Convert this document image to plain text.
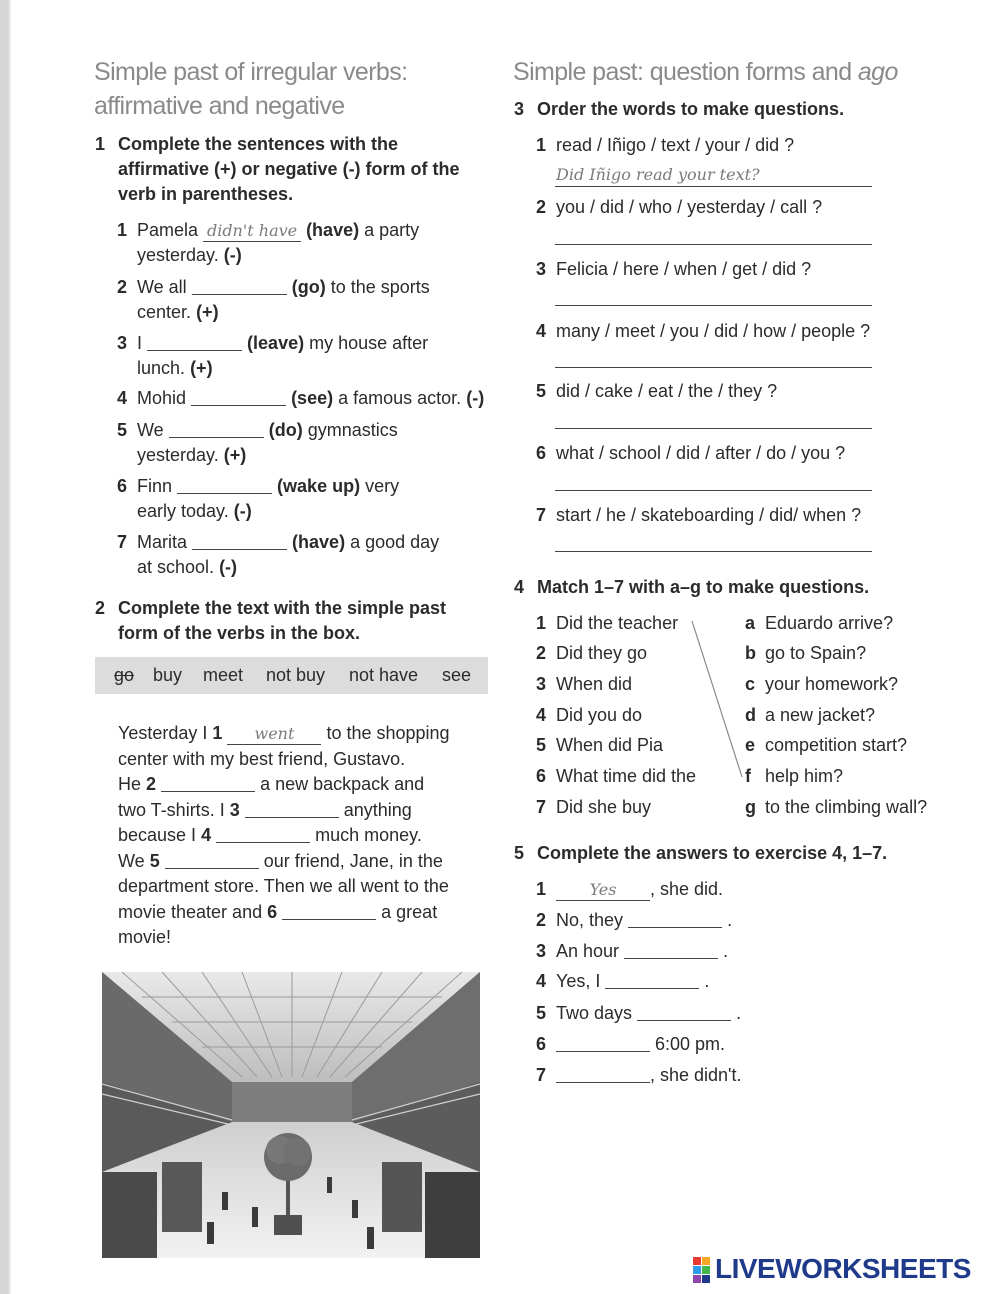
Simple past of irregular verbs:
affirmative and negative
1 Complete the sentences with the
affirmative (+) or negative (-) form of the
verb in parentheses.
1 Pamela didn't have (have) a party
yesterday. (-)
2 We all	(go) to the sports
center. (+)
3 I	(leave) my house after
lunch. (+)
4 Mohid	(see) a famous actor. (-)
5 We	(do) gymnastics
yesterday. (+)
6 Finn	(wake up) very
early today. (-)
7 Marita	(have) a good day
at school. (-)
2 Complete the text with the simple past
form of the verbs in the box.
go buy meet not buy not have see
Yesterday I 1 went to the shopping
center with my best friend, Gustavo.
He 2	a new backpack and
two T-shirts. I 3	anything
because I 4	much money.
We 5	our friend, Jane, in the
department store. Then we all went to the
movie theater and 6	a great
movie!
Simple past: question forms and ago
3 Order the words to make questions.
1 read / Iñigo / text / your / did ?
Did Iñigo read your text?
2 you / did / who / yesterday / call ?
3 Felicia / here / when / get / did ?
4 many / meet / you / did / how / people ?
5 did / cake / eat / the / they ?
6 what / school / did / after / do / you ?
7 start / he / skateboarding / did/ when ?
4 Match 1–7 with a–g to make questions.
1 Did the teacher
2 Did they go
3 When did
4 Did you do
5 When did Pia
6 What time did the
7 Did she buy
a Eduardo arrive?
b go to Spain?
c your homework?
d a new jacket?
e competition start?
f help him?
g to the climbing wall?
5 Complete the answers to exercise 4, 1–7.
1	Yes , she did.
2 No, they	.
3 An hour	.
4 Yes, I	.
5 Two days	.
6	6:00 pm.
7	, she didn't.
LIVEWORKSHEETS
